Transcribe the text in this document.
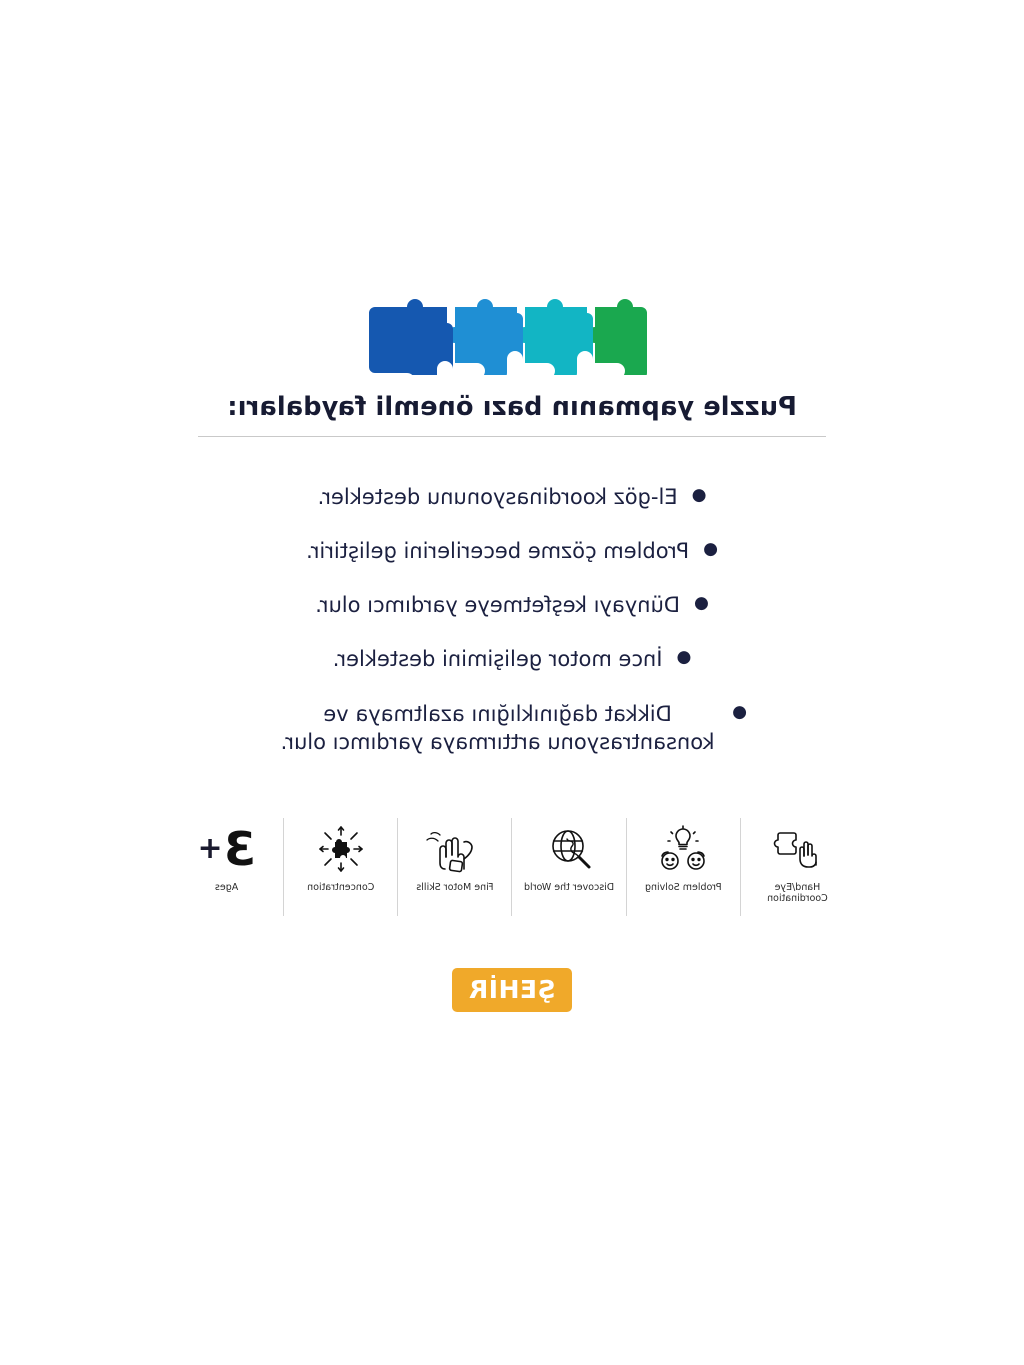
Puzzle yapmanın bazı önemli faydaları:
●
El-göz koordinasyonunu destekler.
●
Problem çözme becerilerini geliştirir.
●
Dünyayı keşfetmeye yardımcı olur.
●
İnce motor gelişimini destekler.
●
Dikkat dağınıklığını azaltmaya ve konsantrasyonu arttırmaya yardımcı olur.
Hand/Eye Coordination
Problem Solving
Discover the World
Fine Motor Skills
Concentration
3
+
Ages
ŞEHİR
